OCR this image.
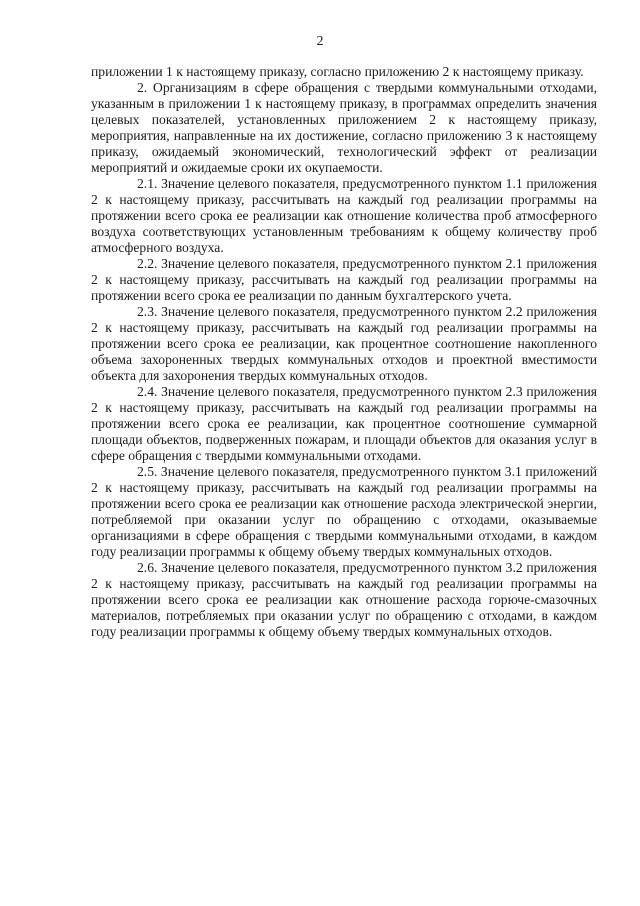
2

приложении 1 к настоящему приказу, согласно приложению 2 к настоящему приказу.

2. Организациям в сфере обращения с твердыми коммунальными отходами, указанным в приложении 1 к настоящему приказу, в программах определить значения целевых показателей, установленных приложением 2 к настоящему приказу, мероприятия, направленные на их достижение, согласно приложению 3 к настоящему приказу, ожидаемый экономический, технологический эффект от реализации мероприятий и ожидаемые сроки их окупаемости.

2.1. Значение целевого показателя, предусмотренного пунктом 1.1 приложения 2 к настоящему приказу, рассчитывать на каждый год реализации программы на протяжении всего срока ее реализации как отношение количества проб атмосферного воздуха соответствующих установленным требованиям к общему количеству проб атмосферного воздуха.

2.2. Значение целевого показателя, предусмотренного пунктом 2.1 приложения 2 к настоящему приказу, рассчитывать на каждый год реализации программы на протяжении всего срока ее реализации по данным бухгалтерского учета.

2.3. Значение целевого показателя, предусмотренного пунктом 2.2 приложения 2 к настоящему приказу, рассчитывать на каждый год реализации программы на протяжении всего срока ее реализации, как процентное соотношение накопленного объема захороненных твердых коммунальных отходов и проектной вместимости объекта для захоронения твердых коммунальных отходов.

2.4. Значение целевого показателя, предусмотренного пунктом 2.3 приложения 2 к настоящему приказу, рассчитывать на каждый год реализации программы на протяжении всего срока ее реализации, как процентное соотношение суммарной площади объектов, подверженных пожарам, и площади объектов для оказания услуг в сфере обращения с твердыми коммунальными отходами.

2.5. Значение целевого показателя, предусмотренного пунктом 3.1 приложений 2 к настоящему приказу, рассчитывать на каждый год реализации программы на протяжении всего срока ее реализации как отношение расхода электрической энергии, потребляемой при оказании услуг по обращению с отходами, оказываемые организациями в сфере обращения с твердыми коммунальными отходами, в каждом году реализации программы к общему объему твердых коммунальных отходов.

2.6. Значение целевого показателя, предусмотренного пунктом 3.2 приложения 2 к настоящему приказу, рассчитывать на каждый год реализации программы на протяжении всего срока ее реализации как отношение расхода горюче-смазочных материалов, потребляемых при оказании услуг по обращению с отходами, в каждом году реализации программы к общему объему твердых коммунальных отходов.
